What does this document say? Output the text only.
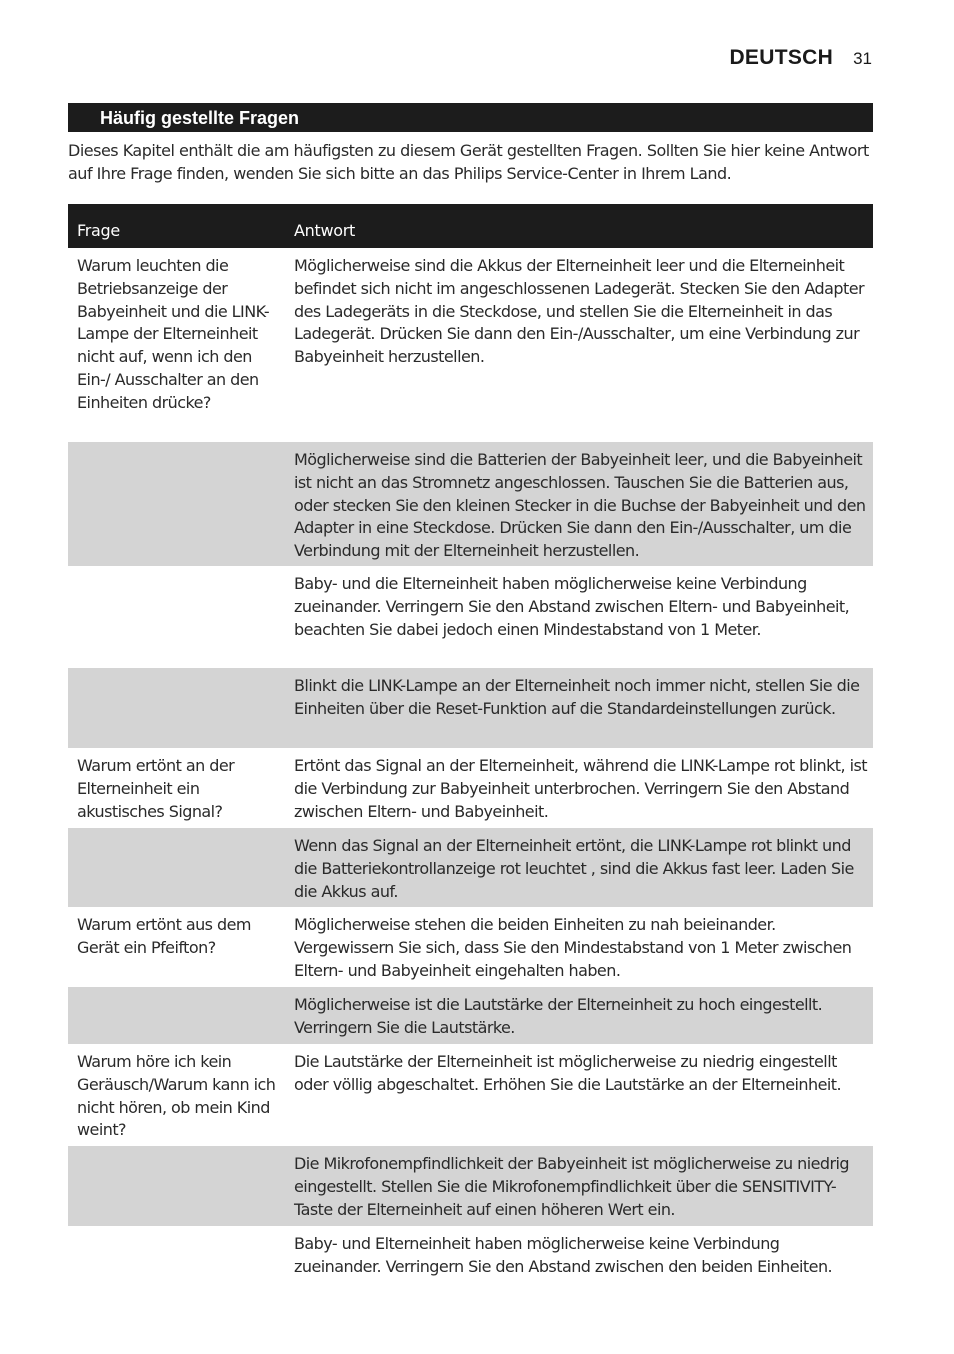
DEUTSCH 31
Häufig gestellte Fragen

Dieses Kapitel enthält die am häufigsten zu diesem Gerät gestellten Fragen. Sollten Sie hier keine Antwort auf Ihre Frage finden, wenden Sie sich bitte an das Philips Service-Center in Ihrem Land.

Frage	Antwort
Warum leuchten die Betriebsanzeige der Babyeinheit und die LINK-Lampe der Elterneinheit nicht auf, wenn ich den Ein-/ Ausschalter an den Einheiten drücke?
Möglicherweise sind die Akkus der Elterneinheit leer und die Elterneinheit befindet sich nicht im angeschlossenen Ladegerät. Stecken Sie den Adapter des Ladegeräts in die Steckdose, und stellen Sie die Elterneinheit in das Ladegerät. Drücken Sie dann den Ein-/Ausschalter, um eine Verbindung zur Babyeinheit herzustellen.
Möglicherweise sind die Batterien der Babyeinheit leer, und die Babyeinheit ist nicht an das Stromnetz angeschlossen. Tauschen Sie die Batterien aus, oder stecken Sie den kleinen Stecker in die Buchse der Babyeinheit und den Adapter in eine Steckdose. Drücken Sie dann den Ein-/Ausschalter, um die Verbindung mit der Elterneinheit herzustellen.
Baby- und die Elterneinheit haben möglicherweise keine Verbindung zueinander. Verringern Sie den Abstand zwischen Eltern- und Babyeinheit, beachten Sie dabei jedoch einen Mindestabstand von 1 Meter.
Blinkt die LINK-Lampe an der Elterneinheit noch immer nicht, stellen Sie die Einheiten über die Reset-Funktion auf die Standardeinstellungen zurück.
Warum ertönt an der Elterneinheit ein akustisches Signal?
Ertönt das Signal an der Elterneinheit, während die LINK-Lampe rot blinkt, ist die Verbindung zur Babyeinheit unterbrochen. Verringern Sie den Abstand zwischen Eltern- und Babyeinheit.
Wenn das Signal an der Elterneinheit ertönt, die LINK-Lampe rot blinkt und die Batteriekontrollanzeige rot leuchtet , sind die Akkus fast leer. Laden Sie die Akkus auf.
Warum ertönt aus dem Gerät ein Pfeifton?
Möglicherweise stehen die beiden Einheiten zu nah beieinander. Vergewissern Sie sich, dass Sie den Mindestabstand von 1 Meter zwischen Eltern- und Babyeinheit eingehalten haben.
Möglicherweise ist die Lautstärke der Elterneinheit zu hoch eingestellt. Verringern Sie die Lautstärke.
Warum höre ich kein Geräusch/Warum kann ich nicht hören, ob mein Kind weint?
Die Lautstärke der Elterneinheit ist möglicherweise zu niedrig eingestellt oder völlig abgeschaltet. Erhöhen Sie die Lautstärke an der Elterneinheit.
Die Mikrofonempfindlichkeit der Babyeinheit ist möglicherweise zu niedrig eingestellt. Stellen Sie die Mikrofonempfindlichkeit über die SENSITIVITY-Taste der Elterneinheit auf einen höheren Wert ein.
Baby- und Elterneinheit haben möglicherweise keine Verbindung zueinander. Verringern Sie den Abstand zwischen den beiden Einheiten.
